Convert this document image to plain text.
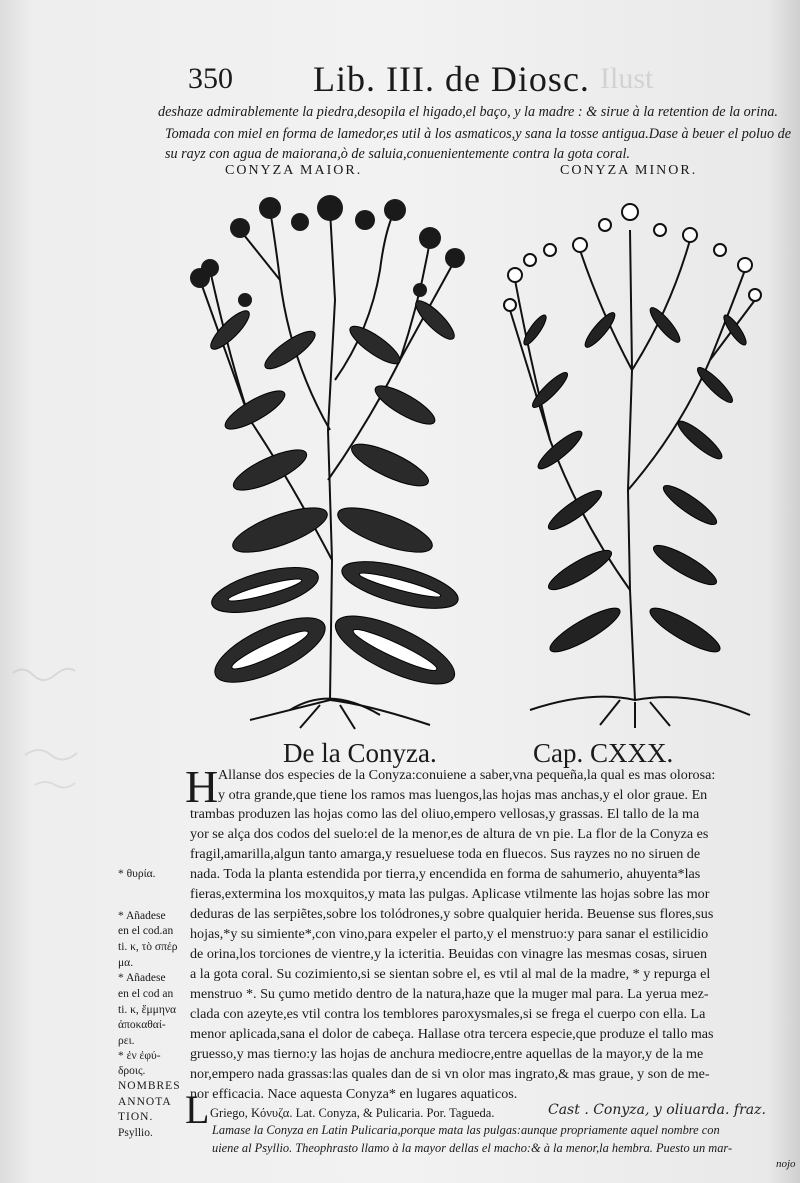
Ilust
350 Lib. III. de Diosc.
deshaze admirablemente la piedra,desopila el higado,el baço, y la madre : & sirue à la retention de la orina.
Tomada con miel en forma de lamedor,es util à los asmaticos,y sana la tosse antigua.Dase à beuer el poluo de
su rayz con agua de maiorana,ò de saluia,conuenientemente contra la gota coral.
CONYZA MAIOR.	CONYZA MINOR.
De la Conyza.	Cap. CXXX.
H Allanse dos especies de la Conyza:conuiene a saber,vna pequeña,la qual es mas olorosa:
y otra grande,que tiene los ramos mas luengos,las hojas mas anchas,y el olor graue. En
trambas produzen las hojas como las del oliuo,empero vellosas,y grassas. El tallo de la ma
yor se alça dos codos del suelo:el de la menor,es de altura de vn pie. La flor de la Conyza es
fragil,amarilla,algun tanto amarga,y resueluese toda en fluecos. Sus rayzes no no siruen de
nada. Toda la planta estendida por tierra,y encendida en forma de sahumerio, ahuyenta*las
fieras,extermina los moxquitos,y mata las pulgas. Aplicase vtilmente las hojas sobre las mor
deduras de las serpiẽtes,sobre los tolódrones,y sobre qualquier herida. Beuense sus flores,sus
hojas,*y su simiente*,con vino,para expeler el parto,y el menstruo:y para sanar el estilicidio
de orina,los torciones de vientre,y la icteritia. Beuidas con vinagre las mesmas cosas, siruen
a la gota coral. Su cozimiento,si se sientan sobre el, es vtil al mal de la madre, * y repurga el
menstruo *. Su çumo metido dentro de la natura,haze que la muger mal para. La yerua mez-
clada con azeyte,es vtil contra los temblores paroxysmales,si se frega el cuerpo con ella. La
menor aplicada,sana el dolor de cabeça. Hallase otra tercera especie,que produze el tallo mas
gruesso,y mas tierno:y las hojas de anchura mediocre,entre aquellas de la mayor,y de la me
nor,empero nada grassas:las quales dan de si vn olor mas ingrato,& mas graue, y son de me-
nor efficacia. Nace aquesta Conyza* en lugares aquaticos.
Griego, Κόνυζα. Lat. Conyza, & Pulicaria. Por. Tagueda.	Cast . Conyza, y oliuarda. fraz.
L Lamase la Conyza en Latin Pulicaria,porque mata las pulgas:aunque propriamente aquel nombre con
uiene al Psyllio. Theophrasto llamo à la mayor dellas el macho:& à la menor,la hembra. Puesto un mar-
nojo
* θυρία.
* Añadese
en el cod.an
ti. κ, τὸ σπέρ
μα.
* Añadese
en el cod an
ti. κ, ἔμμηνα
ἀποκαθαί-
ρει.
* ἐν ἐφύ-
δροις.
NOMBRES
ANNOTA
TION.
Psyllio.
